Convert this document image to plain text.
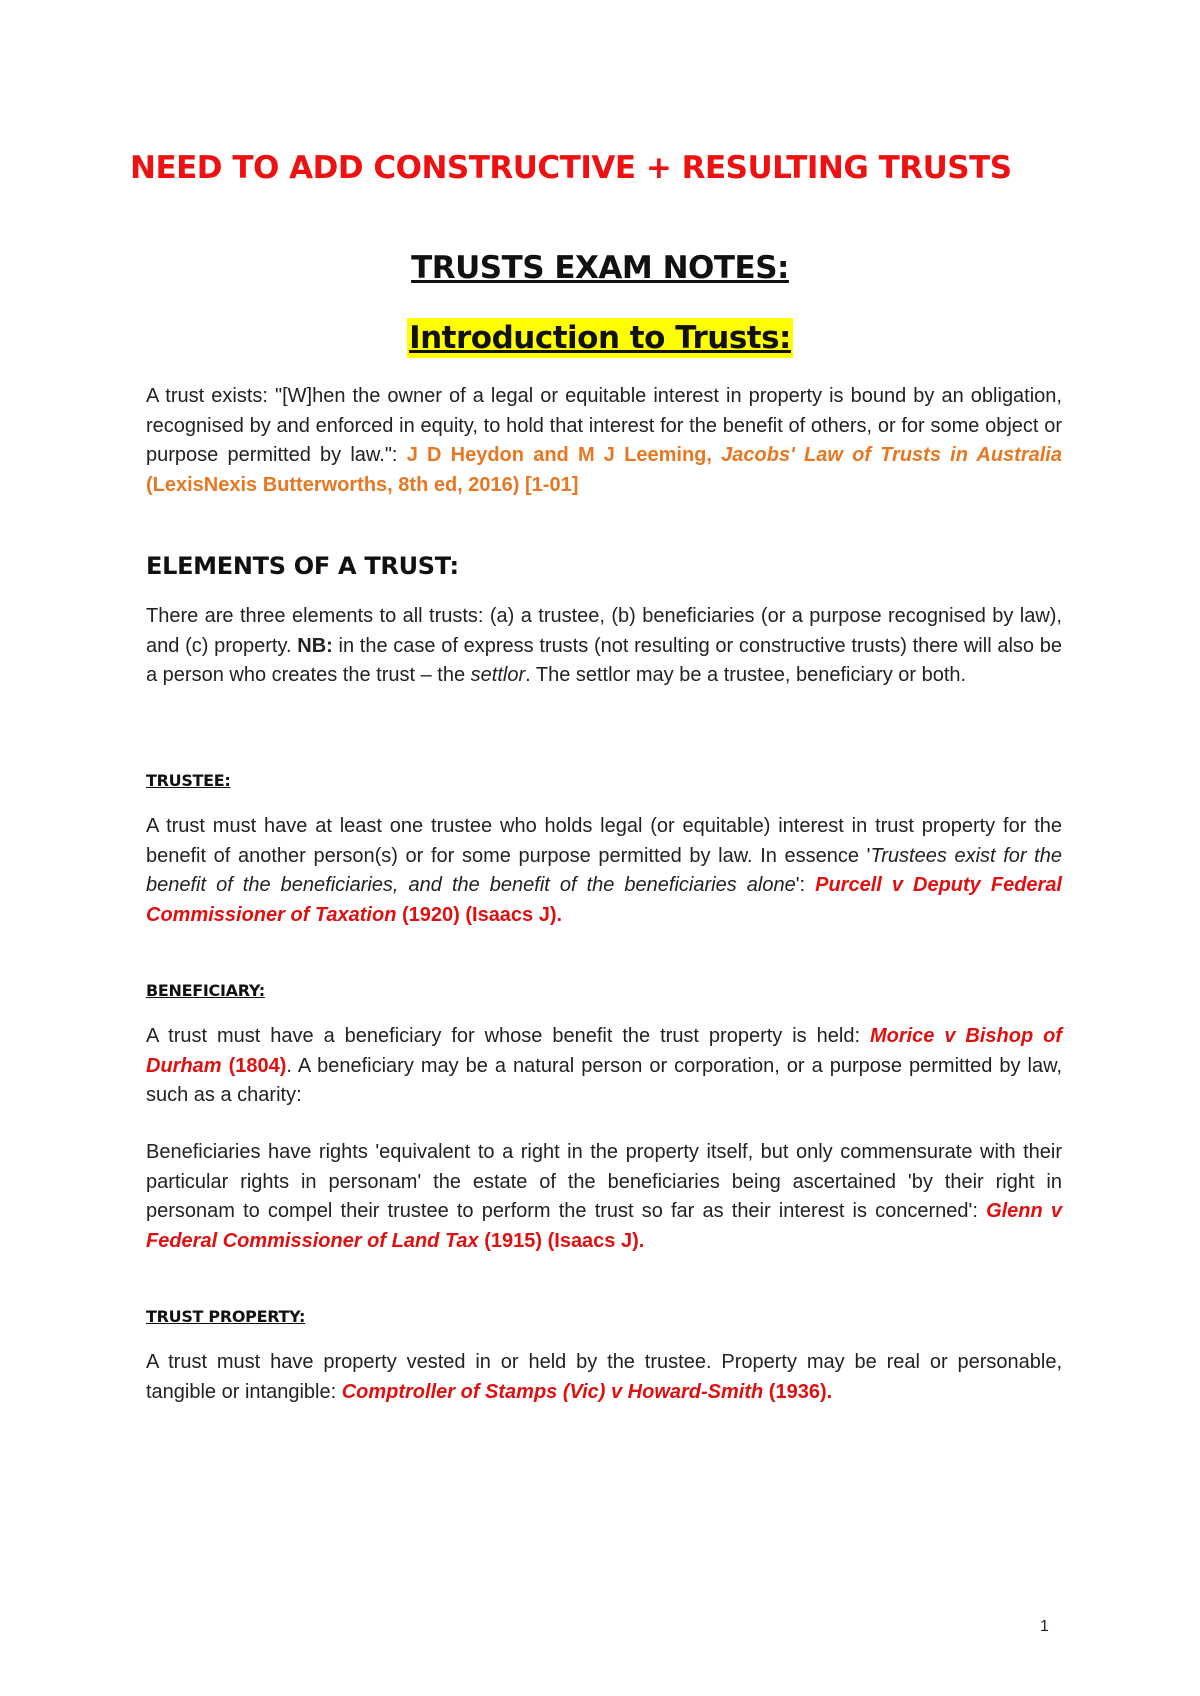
NEED TO ADD CONSTRUCTIVE + RESULTING TRUSTS
TRUSTS EXAM NOTES:
Introduction to Trusts:

A trust exists: "[W]hen the owner of a legal or equitable interest in property is bound by an obligation, recognised by and enforced in equity, to hold that interest for the benefit of others, or for some object or purpose permitted by law.": J D Heydon and M J Leeming, Jacobs' Law of Trusts in Australia (LexisNexis Butterworths, 8th ed, 2016) [1-01]

ELEMENTS OF A TRUST:

There are three elements to all trusts: (a) a trustee, (b) beneficiaries (or a purpose recognised by law), and (c) property. NB: in the case of express trusts (not resulting or constructive trusts) there will also be a person who creates the trust – the settlor. The settlor may be a trustee, beneficiary or both.

TRUSTEE:

A trust must have at least one trustee who holds legal (or equitable) interest in trust property for the benefit of another person(s) or for some purpose permitted by law. In essence 'Trustees exist for the benefit of the beneficiaries, and the benefit of the beneficiaries alone': Purcell v Deputy Federal Commissioner of Taxation (1920) (Isaacs J).

BENEFICIARY:

A trust must have a beneficiary for whose benefit the trust property is held: Morice v Bishop of Durham (1804). A beneficiary may be a natural person or corporation, or a purpose permitted by law, such as a charity:

Beneficiaries have rights 'equivalent to a right in the property itself, but only commensurate with their particular rights in personam' the estate of the beneficiaries being ascertained 'by their right in personam to compel their trustee to perform the trust so far as their interest is concerned': Glenn v Federal Commissioner of Land Tax (1915) (Isaacs J).

TRUST PROPERTY:

A trust must have property vested in or held by the trustee. Property may be real or personable, tangible or intangible: Comptroller of Stamps (Vic) v Howard-Smith (1936).

1
